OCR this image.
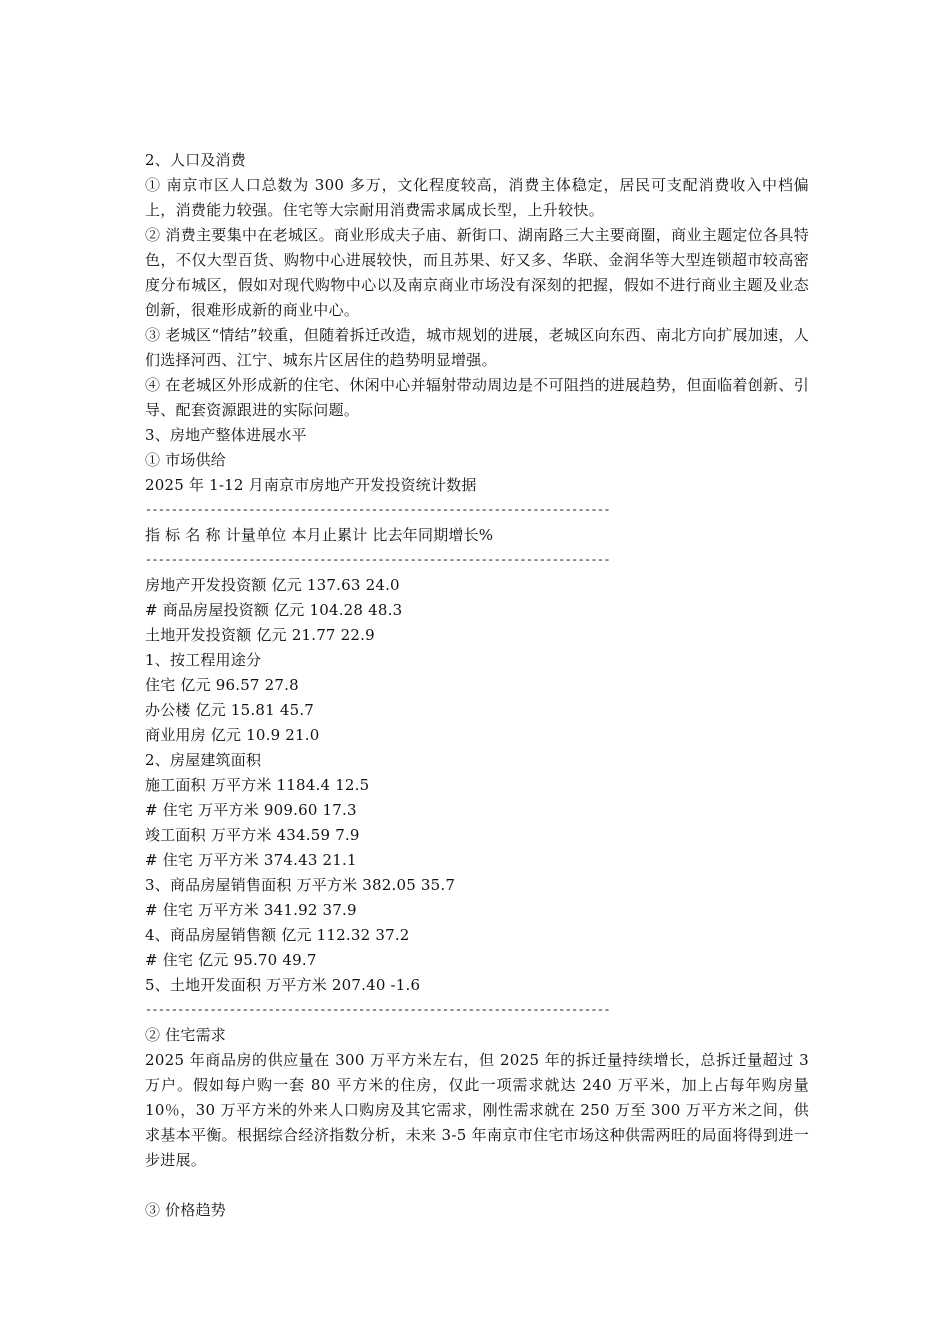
2、人口及消费
① 南京市区人口总数为 300 多万，文化程度较高，消费主体稳定，居民可支配消费收入中档偏上，消费能力较强。住宅等大宗耐用消费需求属成长型，上升较快。
② 消费主要集中在老城区。商业形成夫子庙、新街口、湖南路三大主要商圈，商业主题定位各具特色，不仅大型百货、购物中心进展较快，而且苏果、好又多、华联、金润华等大型连锁超市较高密度分布城区，假如对现代购物中心以及南京商业市场没有深刻的把握，假如不进行商业主题及业态创新，很难形成新的商业中心。
③ 老城区“情结”较重，但随着拆迁改造，城市规划的进展，老城区向东西、南北方向扩展加速，人们选择河西、江宁、城东片区居住的趋势明显增强。
④ 在老城区外形成新的住宅、休闲中心并辐射带动周边是不可阻挡的进展趋势，但面临着创新、引导、配套资源跟进的实际问题。
3、房地产整体进展水平
① 市场供给
2025 年 1-12 月南京市房地产开发投资统计数据
------------------------------------------------------------------------
指 标 名 称 计量单位 本月止累计 比去年同期增长%
------------------------------------------------------------------------
房地产开发投资额 亿元 137.63 24.0
# 商品房屋投资额 亿元 104.28 48.3
土地开发投资额 亿元 21.77 22.9
1、按工程用途分
住宅 亿元 96.57 27.8
办公楼 亿元 15.81 45.7
商业用房 亿元 10.9 21.0
2、房屋建筑面积
施工面积 万平方米 1184.4 12.5
# 住宅 万平方米 909.60 17.3
竣工面积 万平方米 434.59 7.9
# 住宅 万平方米 374.43 21.1
3、商品房屋销售面积 万平方米 382.05 35.7
# 住宅 万平方米 341.92 37.9
4、商品房屋销售额 亿元 112.32 37.2
# 住宅 亿元 95.70 49.7
5、土地开发面积 万平方米 207.40 -1.6
------------------------------------------------------------------------
② 住宅需求
2025 年商品房的供应量在 300 万平方米左右，但 2025 年的拆迁量持续增长，总拆迁量超过 3 万户。假如每户购一套 80 平方米的住房，仅此一项需求就达 240 万平米，加上占每年购房量 10％，30 万平方米的外来人口购房及其它需求，刚性需求就在 250 万至 300 万平方米之间，供求基本平衡。根据综合经济指数分析，未来 3-5 年南京市住宅市场这种供需两旺的局面将得到进一步进展。
③ 价格趋势
